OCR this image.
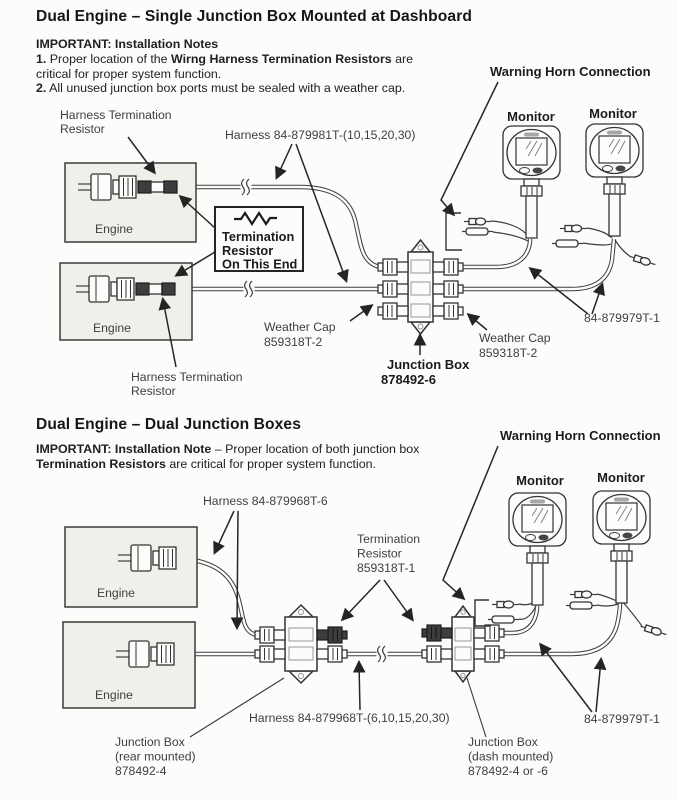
Dual Engine – Single Junction Box Mounted at Dashboard
IMPORTANT: Installation Notes
1. Proper location of the Wirng Harness Termination Resistors are
critical for proper system function.
2. All unused junction box ports must be sealed with a weather cap.
Dual Engine – Dual Junction Boxes
IMPORTANT: Installation Note – Proper location of both junction box
Termination Resistors are critical for proper system function.
Warning Horn Connection
Monitor	Monitor
Harness Termination
Resistor	Harness 84-879981T-(10,15,20,30)
Termination
Resistor
On This End
Engine
Engine	Weather Cap
859318T-2
Junction Box
878492-6
Weather Cap
859318T-2
84-879979T-1
Harness Termination
Resistor
Warning Horn Connection
Monitor	Monitor
Harness 84-879968T-6
Termination
Resistor
859318T-1
Engine
Engine
Harness 84-879968T-(6,10,15,20,30)	84-879979T-1
Junction Box
(rear mounted)
878492-4
Junction Box
(dash mounted)
878492-4 or -6
